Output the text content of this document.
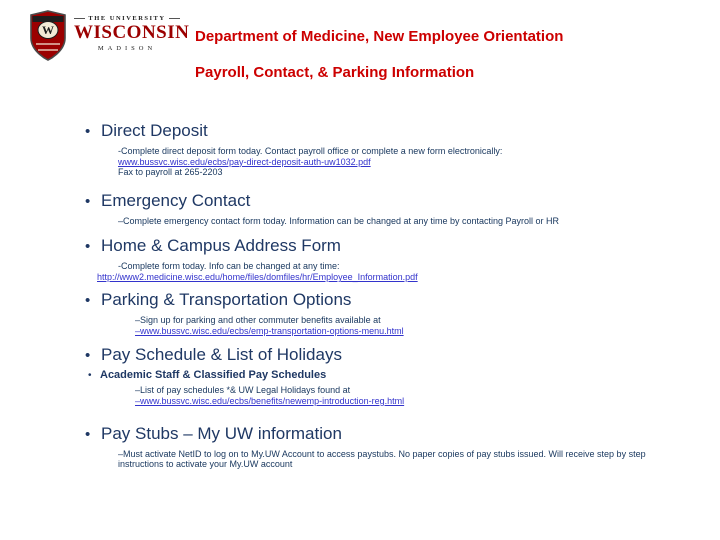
W
THE UNIVERSITY
WISCONSIN
MADISON
Department of Medicine, New Employee Orientation
Payroll, Contact, & Parking Information
• Direct Deposit
-Complete direct deposit form today. Contact payroll office or complete a new form electronically:
www.bussvc.wisc.edu/ecbs/pay-direct-deposit-auth-uw1032.pdf
Fax to payroll at 265-2203
• Emergency Contact
–Complete emergency contact form today. Information can be changed at any time by contacting Payroll or HR
• Home & Campus Address Form
-Complete form today. Info can be changed at any time:
http://www2.medicine.wisc.edu/home/files/domfiles/hr/Employee_Information.pdf
• Parking & Transportation Options
–Sign up for parking and other commuter benefits available at
–www.bussvc.wisc.edu/ecbs/emp-transportation-options-menu.html
• Pay Schedule & List of Holidays
• Academic Staff & Classified Pay Schedules
–List of pay schedules *& UW Legal Holidays found at
–www.bussvc.wisc.edu/ecbs/benefits/newemp-introduction-reg.html
• Pay Stubs – My UW information
–Must activate NetID to log on to My.UW Account to access paystubs. No paper copies of pay stubs issued. Will receive step by step instructions to activate your My.UW account
